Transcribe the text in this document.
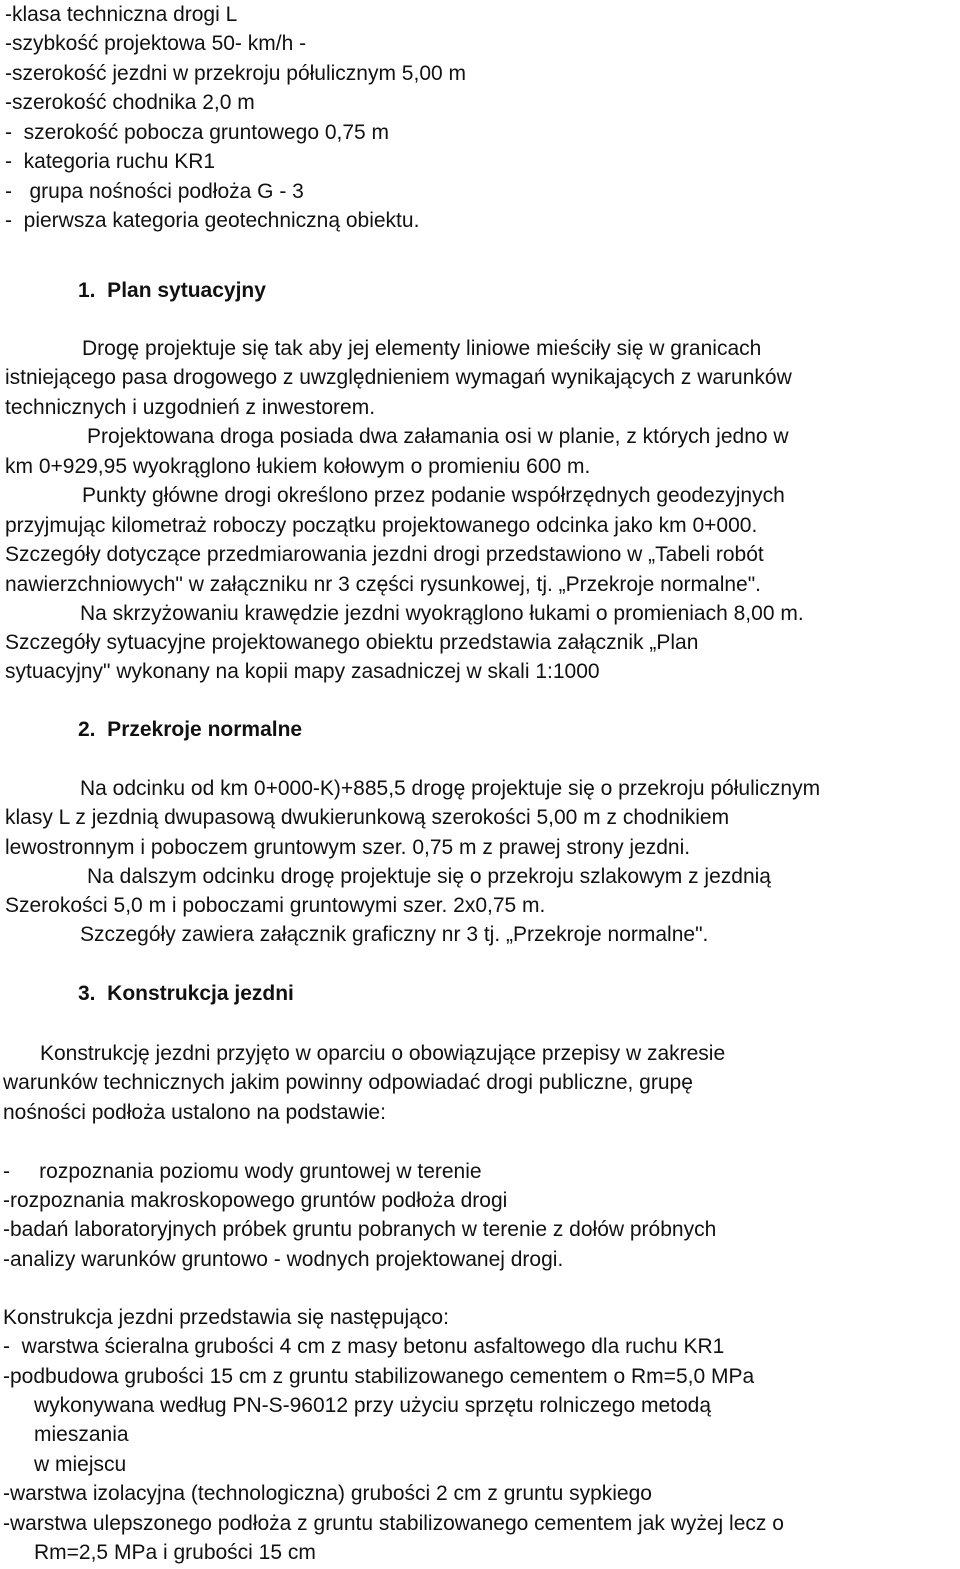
-klasa techniczna drogi L

-szybkość projektowa 50- km/h -

-szerokość jezdni w przekroju półulicznym 5,00 m

-szerokość chodnika 2,0 m

-  szerokość pobocza gruntowego 0,75 m

-  kategoria ruchu KR1

-   grupa nośności podłoża G - 3

-  pierwsza kategoria geotechniczną obiektu.

1.  Plan sytuacyjny

Drogę projektuje się tak aby jej elementy liniowe mieściły się w granicach

istniejącego pasa drogowego z uwzględnieniem wymagań wynikających z warunków

technicznych i uzgodnień z inwestorem.

Projektowana droga posiada dwa załamania osi w planie, z których jedno w

km 0+929,95 wyokrąglono łukiem kołowym o promieniu 600 m.

Punkty główne drogi określono przez podanie współrzędnych geodezyjnych

przyjmując kilometraż roboczy początku projektowanego odcinka jako km 0+000.

Szczegóły dotyczące przedmiarowania jezdni drogi przedstawiono w „Tabeli robót

nawierzchniowych" w załączniku nr 3 części rysunkowej, tj. „Przekroje normalne".

Na skrzyżowaniu krawędzie jezdni wyokrąglono łukami o promieniach 8,00 m.

Szczegóły sytuacyjne projektowanego obiektu przedstawia załącznik „Plan

sytuacyjny" wykonany na kopii mapy zasadniczej w skali 1:1000

2.  Przekroje normalne

Na odcinku od km 0+000-K)+885,5 drogę projektuje się o przekroju półulicznym

klasy L z jezdnią dwupasową dwukierunkową szerokości 5,00 m z chodnikiem

lewostronnym i poboczem gruntowym szer. 0,75 m z prawej strony jezdni.

Na dalszym odcinku drogę projektuje się o przekroju szlakowym z jezdnią

Szerokości 5,0 m i poboczami gruntowymi szer. 2x0,75 m.

Szczegóły zawiera załącznik graficzny nr 3 tj. „Przekroje normalne".

3.  Konstrukcja jezdni

Konstrukcję jezdni przyjęto w oparciu o obowiązujące przepisy w zakresie

warunków technicznych jakim powinny odpowiadać drogi publiczne, grupę

nośności podłoża ustalono na podstawie:

-     rozpoznania poziomu wody gruntowej w terenie

-rozpoznania makroskopowego gruntów podłoża drogi

-badań laboratoryjnych próbek gruntu pobranych w terenie z dołów próbnych

-analizy warunków gruntowo - wodnych projektowanej drogi.

Konstrukcja jezdni przedstawia się następująco:

-  warstwa ścieralna grubości 4 cm z masy betonu asfaltowego dla ruchu KR1

-podbudowa grubości 15 cm z gruntu stabilizowanego cementem o Rm=5,0 MPa

wykonywana według PN-S-96012 przy użyciu sprzętu rolniczego metodą

mieszania

w miejscu

-warstwa izolacyjna (technologiczna) grubości 2 cm z gruntu sypkiego

-warstwa ulepszonego podłoża z gruntu stabilizowanego cementem jak wyżej lecz o

Rm=2,5 MPa i grubości 15 cm
